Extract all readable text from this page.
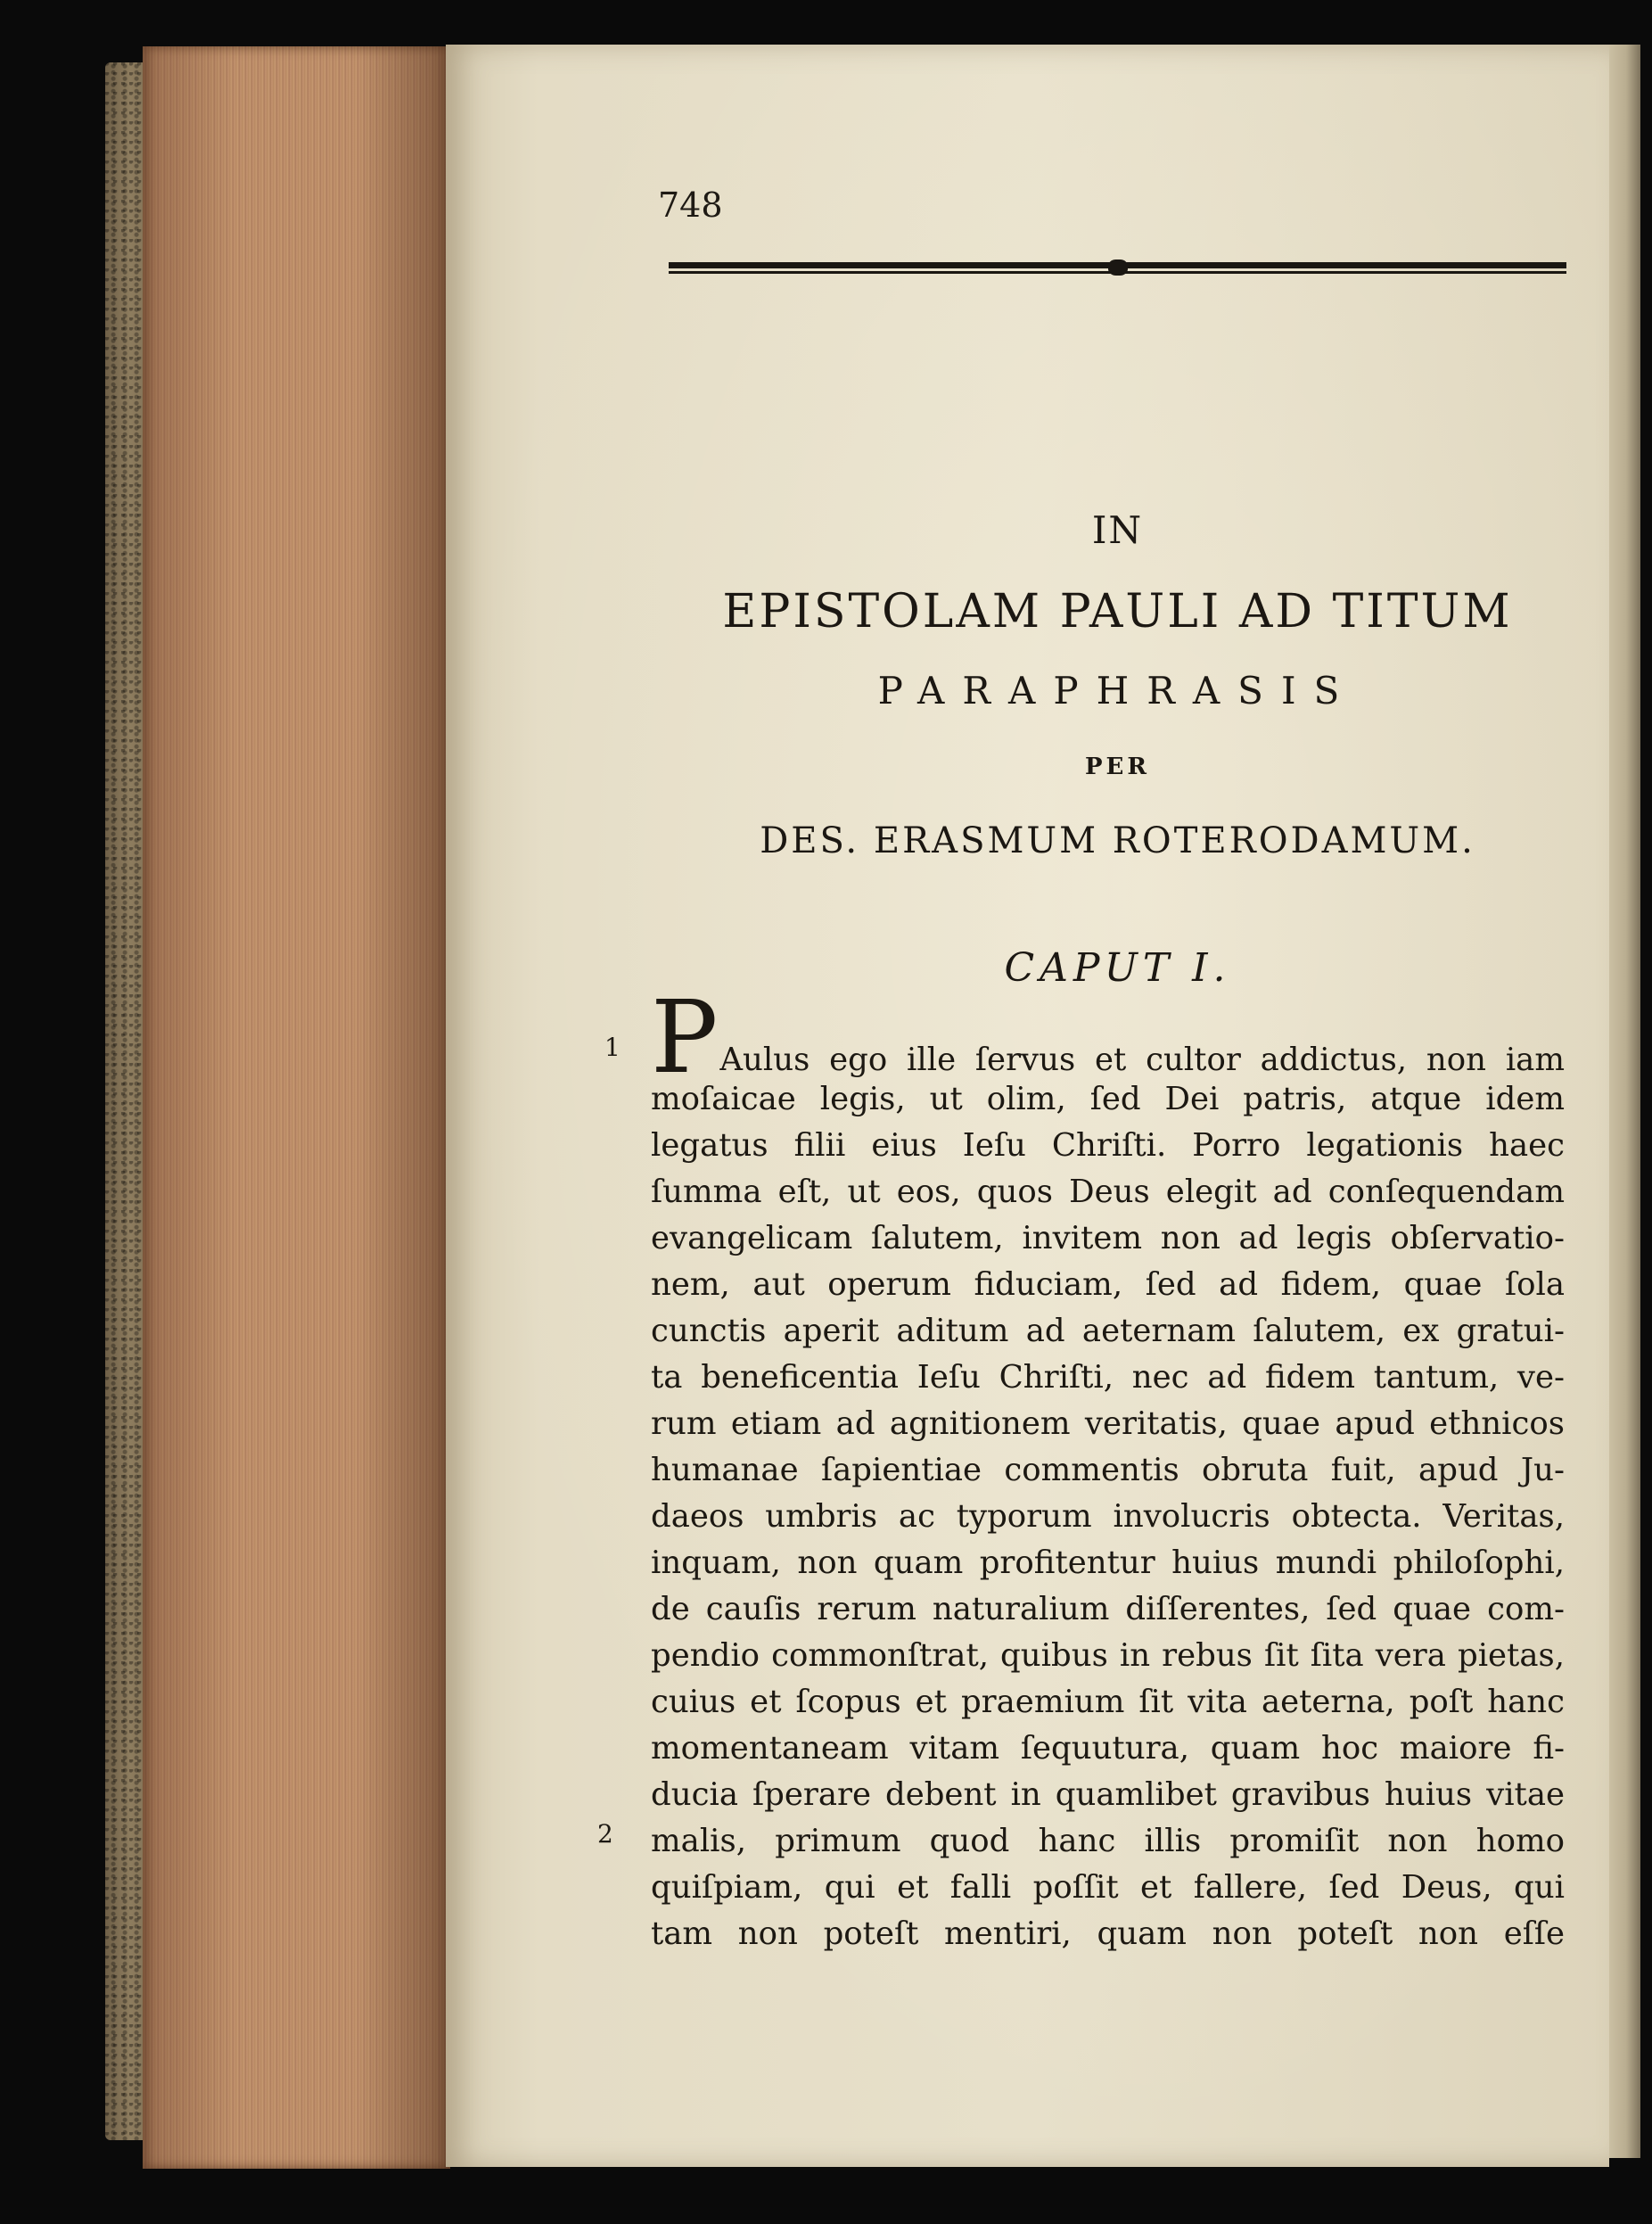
748

IN
EPISTOLAM PAULI AD TITUM
PARAPHRASIS
PER
DES. ERASMUM ROTERODAMUM.
CAPUT I.
1
2
PAulus ego ille ſervus et cultor addictus, non iam
moſaicae legis, ut olim, ſed Dei patris, atque idem
legatus filii eius Ieſu Chriſti. Porro legationis haec
ſumma eſt, ut eos, quos Deus elegit ad conſequendam
evangelicam ſalutem, invitem non ad legis obſervatio-
nem, aut operum fiduciam, ſed ad fidem, quae ſola
cunctis aperit aditum ad aeternam ſalutem, ex gratui-
ta beneficentia Ieſu Chriſti, nec ad fidem tantum, ve-
rum etiam ad agnitionem veritatis, quae apud ethnicos
humanae ſapientiae commentis obruta fuit, apud Ju-
daeos umbris ac typorum involucris obtecta. Veritas,
inquam, non quam profitentur huius mundi philoſophi,
de cauſis rerum naturalium diſſerentes, ſed quae com-
pendio commonſtrat, quibus in rebus ſit ſita vera pietas,
cuius et ſcopus et praemium ſit vita aeterna, poſt hanc
momentaneam vitam ſequutura, quam hoc maiore fi-
ducia ſperare debent in quamlibet gravibus huius vitae
malis, primum quod hanc illis promiſit non homo
quiſpiam, qui et falli poſſit et fallere, ſed Deus, qui
tam non poteſt mentiri, quam non poteſt non eſſe
